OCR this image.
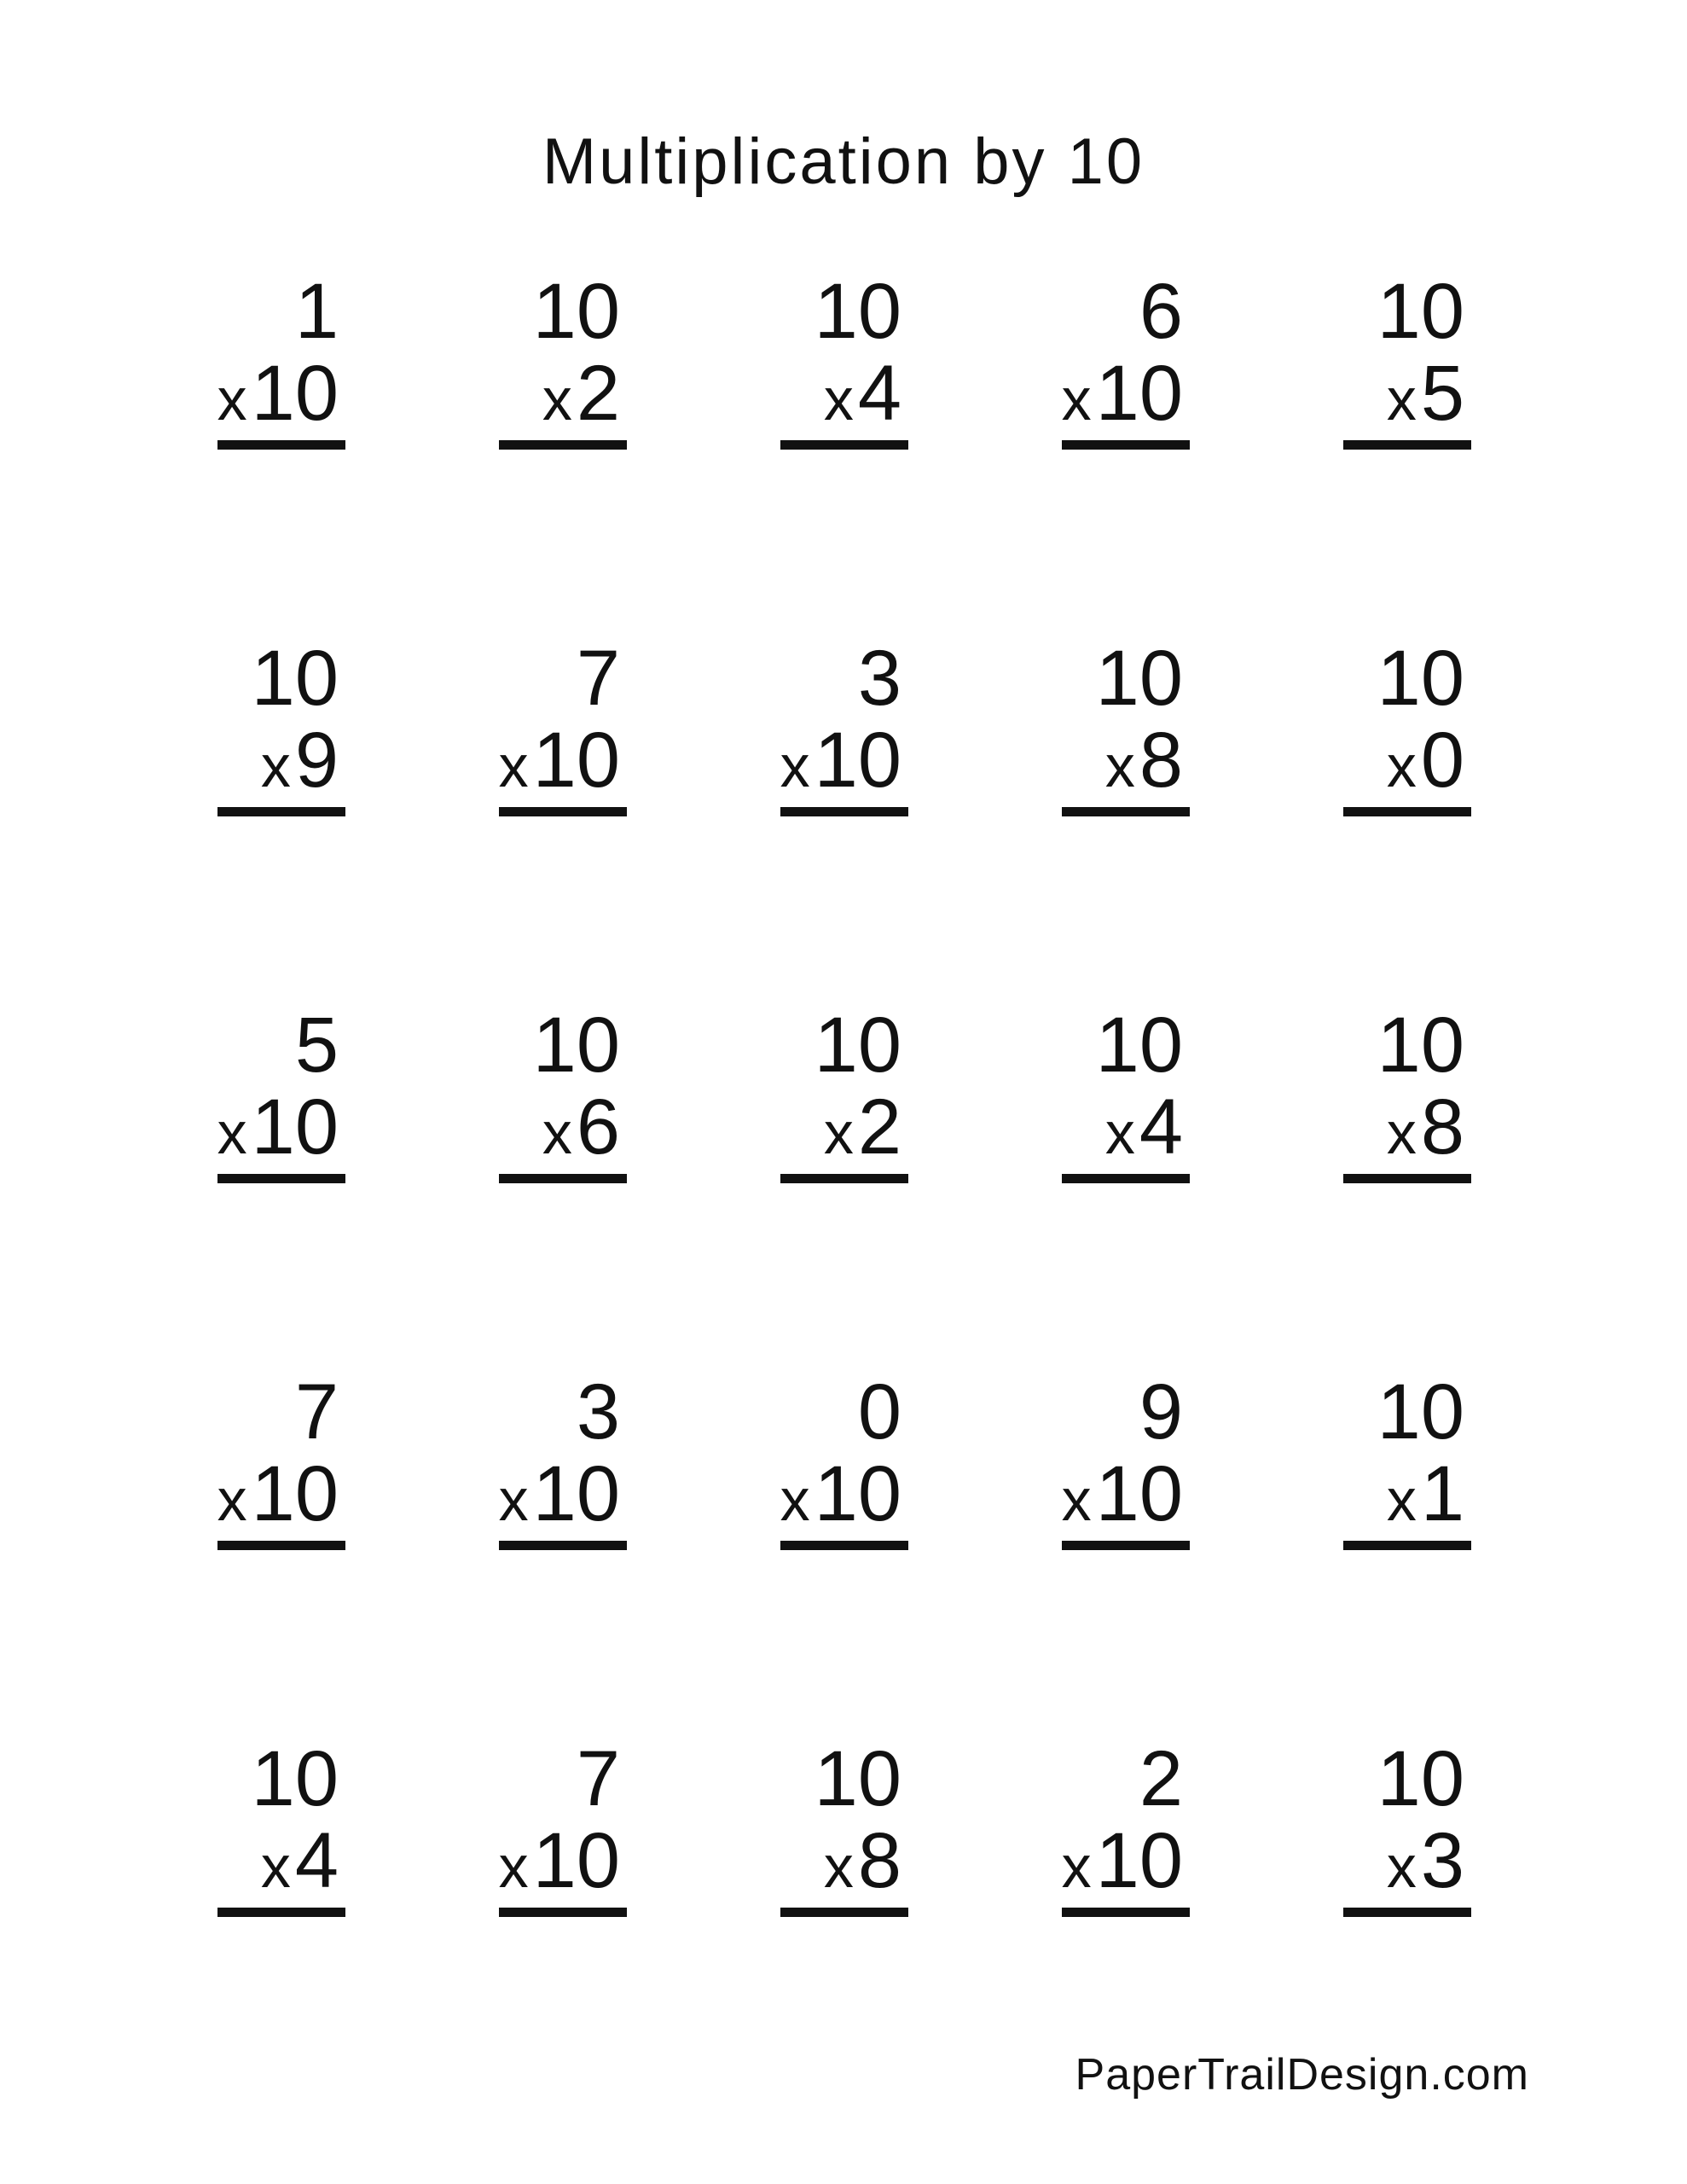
Multiplication by 10
1
x 10
10
x 2
10
x 4
6
x 10
10
x 5
10
x 9
7
x 10
3
x 10
10
x 8
10
x 0
5
x 10
10
x 6
10
x 2
10
x 4
10
x 8
7
x 10
3
x 10
0
x 10
9
x 10
10
x 1
10
x 4
7
x 10
10
x 8
2
x 10
10
x 3
PaperTrailDesign.com
